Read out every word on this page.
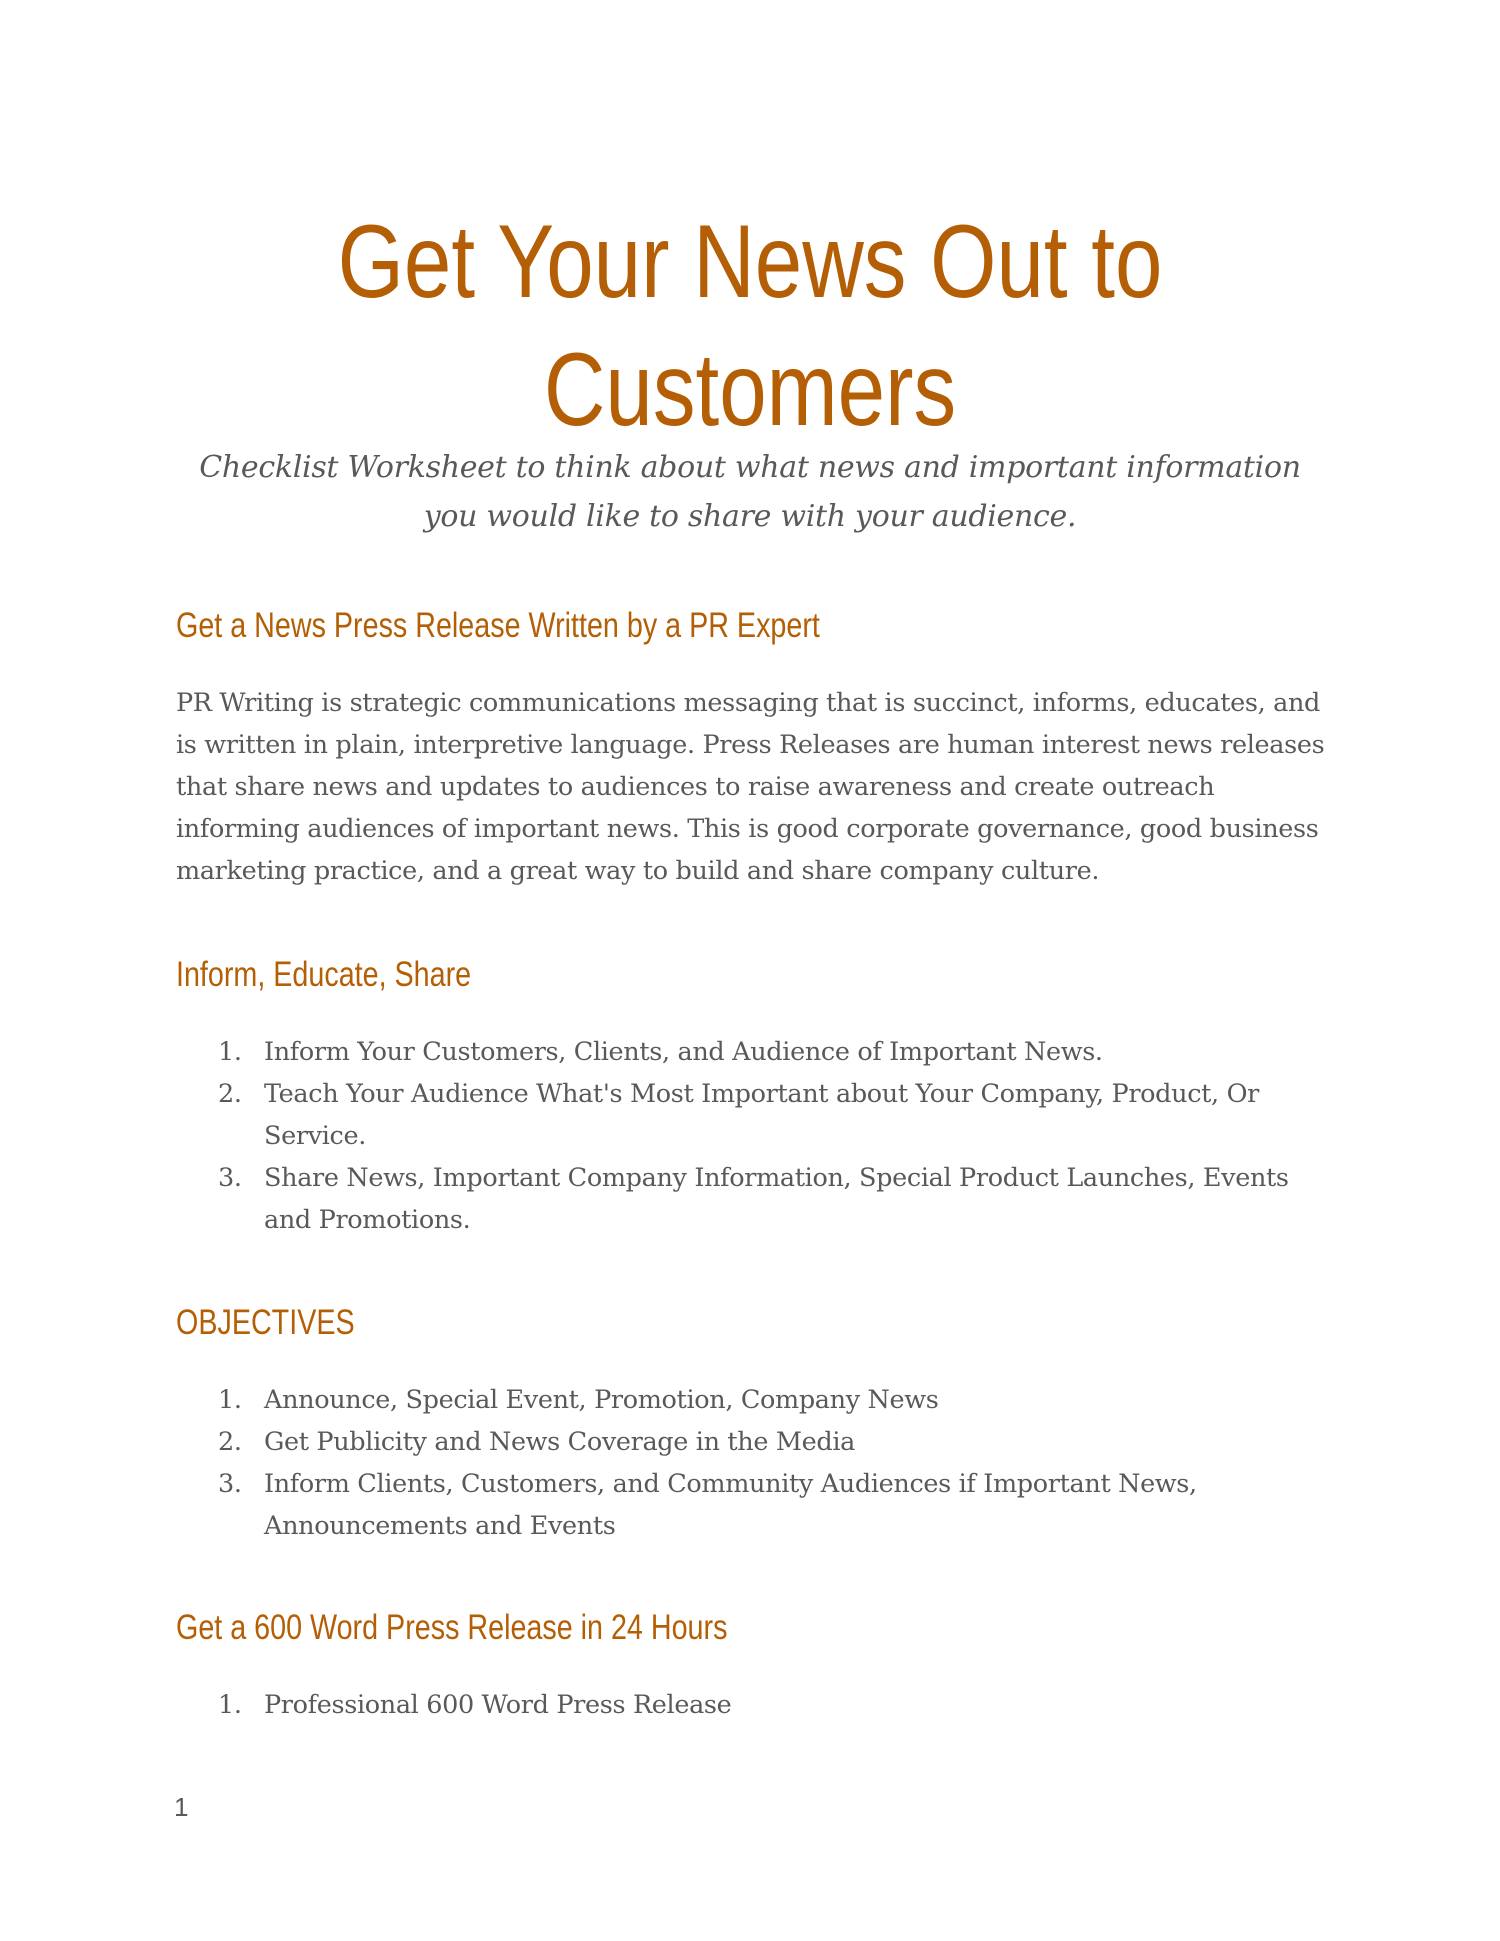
Get Your News Out to Customers

Checklist Worksheet to think about what news and important information you would like to share with your audience.

Get a News Press Release Written by a PR Expert

PR Writing is strategic communications messaging that is succinct, informs, educates, and is written in plain, interpretive language. Press Releases are human interest news releases that share news and updates to audiences to raise awareness and create outreach informing audiences of important news. This is good corporate governance, good business marketing practice, and a great way to build and share company culture.

Inform, Educate, Share
1. Inform Your Customers, Clients, and Audience of Important News.
2. Teach Your Audience What's Most Important about Your Company, Product, Or Service.
3. Share News, Important Company Information, Special Product Launches, Events and Promotions.
OBJECTIVES
1. Announce, Special Event, Promotion, Company News
2. Get Publicity and News Coverage in the Media
3. Inform Clients, Customers, and Community Audiences if Important News, Announcements and Events
Get a 600 Word Press Release in 24 Hours
1. Professional 600 Word Press Release
1
